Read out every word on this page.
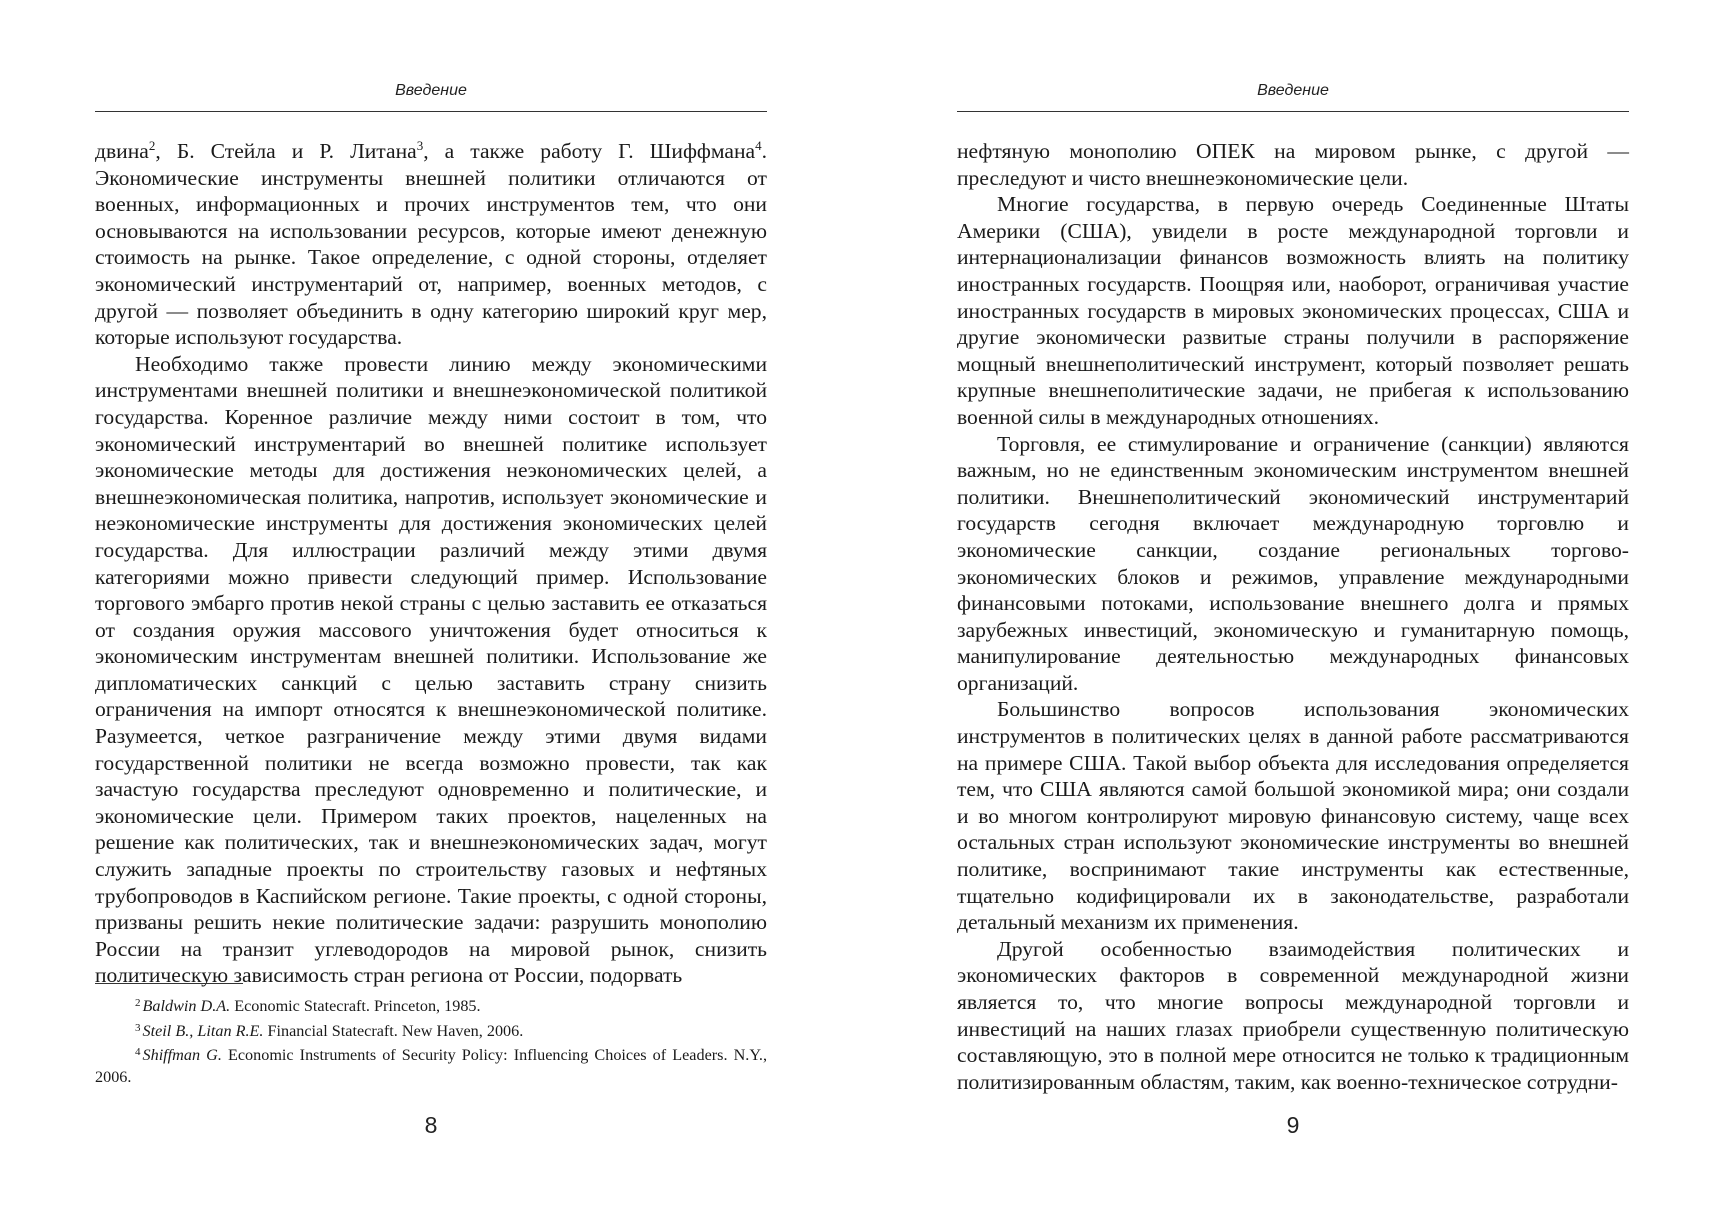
Введение

двина$^2$, Б. Стейла и Р. Литана$^3$, а также работу Г. Шиффмана$^4$. Экономические инструменты внешней политики отличаются от военных, информационных и прочих инструментов тем, что они основываются на использовании ресурсов, которые имеют денежную стоимость на рынке. Такое определение, с одной стороны, отделяет экономический инструментарий от, например, военных методов, с другой — позволяет объединить в одну категорию широкий круг мер, которые используют государства.

Необходимо также провести линию между экономическими инструментами внешней политики и внешнеэкономической политикой государства. Коренное различие между ними состоит в том, что экономический инструментарий во внешней политике использует экономические методы для достижения неэкономических целей, а внешнеэкономическая политика, напротив, использует экономические и неэкономические инструменты для достижения экономических целей государства. Для иллюстрации различий между этими двумя категориями можно привести следующий пример. Использование торгового эмбарго против некой страны с целью заставить ее отказаться от создания оружия массового уничтожения будет относиться к экономическим инструментам внешней политики. Использование же дипломатических санкций с целью заставить страну снизить ограничения на импорт относятся к внешнеэкономической политике. Разумеется, четкое разграничение между этими двумя видами государственной политики не всегда возможно провести, так как зачастую государства преследуют одновременно и политические, и экономические цели. Примером таких проектов, нацеленных на решение как политических, так и внешнеэкономических задач, могут служить западные проекты по строительству газовых и нефтяных трубопроводов в Каспийском регионе. Такие проекты, с одной стороны, призваны решить некие политические задачи: разрушить монополию России на транзит углеводородов на мировой рынок, снизить политическую зависимость стран региона от России, подорвать

$^2$ Baldwin D.A. Economic Statecraft. Princeton, 1985.

$^3$ Steil B., Litan R.E. Financial Statecraft. New Haven, 2006.

$^4$ Shiffman G. Economic Instruments of Security Policy: Influencing Choices of Leaders. N.Y., 2006.

8
Введение

нефтяную монополию ОПЕК на мировом рынке, с другой — преследуют и чисто внешнеэкономические цели.

Многие государства, в первую очередь Соединенные Штаты Америки (США), увидели в росте международной торговли и интернационализации финансов возможность влиять на политику иностранных государств. Поощряя или, наоборот, ограничивая участие иностранных государств в мировых экономических процессах, США и другие экономически развитые страны получили в распоряжение мощный внешнеполитический инструмент, который позволяет решать крупные внешнеполитические задачи, не прибегая к использованию военной силы в международных отношениях.

Торговля, ее стимулирование и ограничение (санкции) являются важным, но не единственным экономическим инструментом внешней политики. Внешнеполитический экономический инструментарий государств сегодня включает международную торговлю и экономические санкции, создание региональных торгово-экономических блоков и режимов, управление международными финансовыми потоками, использование внешнего долга и прямых зарубежных инвестиций, экономическую и гуманитарную помощь, манипулирование деятельностью международных финансовых организаций.

Большинство вопросов использования экономических инструментов в политических целях в данной работе рассматриваются на примере США. Такой выбор объекта для исследования определяется тем, что США являются самой большой экономикой мира; они создали и во многом контролируют мировую финансовую систему, чаще всех остальных стран используют экономические инструменты во внешней политике, воспринимают такие инструменты как естественные, тщательно кодифицировали их в законодательстве, разработали детальный механизм их применения.

Другой особенностью взаимодействия политических и экономических факторов в современной международной жизни является то, что многие вопросы международной торговли и инвестиций на наших глазах приобрели существенную политическую составляющую, это в полной мере относится не только к традиционным политизированным областям, таким, как военно-техническое сотрудни-

9
